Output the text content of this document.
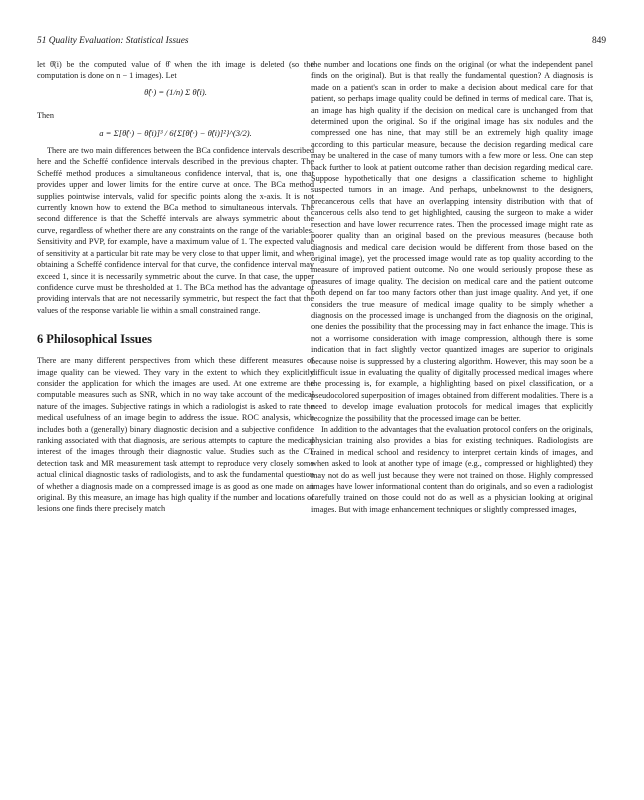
51 Quality Evaluation: Statistical Issues	849

let θ̂(i) be the computed value of θ̂ when the ith image is deleted (so the computation is done on n − 1 images). Let

θ̂(·) = (1/n) Σ θ̂(i).

Then

a = Σ[θ̂(·) − θ̂(i)]³ / 6{Σ[θ̂(·) − θ̂(i)]²}^(3/2).

There are two main differences between the BCa confidence intervals described here and the Scheffé confidence intervals described in the previous chapter. The Scheffé method produces a simultaneous confidence interval, that is, one that provides upper and lower limits for the entire curve at once. The BCa method supplies pointwise intervals, valid for specific points along the x-axis. It is not currently known how to extend the BCa method to simultaneous intervals. The second difference is that the Scheffé intervals are always symmetric about the curve, regardless of whether there are any constraints on the range of the variables. Sensitivity and PVP, for example, have a maximum value of 1. The expected value of sensitivity at a particular bit rate may be very close to that upper limit, and when obtaining a Scheffé confidence interval for that curve, the confidence interval may exceed 1, since it is necessarily symmetric about the curve. In that case, the upper confidence curve must be thresholded at 1. The BCa method has the advantage of providing intervals that are not necessarily symmetric, but respect the fact that the values of the response variable lie within a small constrained range.

6 Philosophical Issues

There are many different perspectives from which these different measures of image quality can be viewed. They vary in the extent to which they explicitly consider the application for which the images are used. At one extreme are the computable measures such as SNR, which in no way take account of the medical nature of the images. Subjective ratings in which a radiologist is asked to rate the medical usefulness of an image begin to address the issue. ROC analysis, which includes both a (generally) binary diagnostic decision and a subjective confidence ranking associated with that diagnosis, are serious attempts to capture the medical interest of the images through their diagnostic value. Studies such as the CT detection task and MR measurement task attempt to reproduce very closely some actual clinical diagnostic tasks of radiologists, and to ask the fundamental question of whether a diagnosis made on a compressed image is as good as one made on an original. By this measure, an image has high quality if the number and locations of lesions one finds there precisely match

the number and locations one finds on the original (or what the independent panel finds on the original). But is that really the fundamental question? A diagnosis is made on a patient's scan in order to make a decision about medical care for that patient, so perhaps image quality could be defined in terms of medical care. That is, an image has high quality if the decision on medical care is unchanged from that determined upon the original. So if the original image has six nodules and the compressed one has nine, that may still be an extremely high quality image according to this particular measure, because the decision regarding medical care may be unaltered in the case of many tumors with a few more or less. One can step back further to look at patient outcome rather than decision regarding medical care. Suppose hypothetically that one designs a classification scheme to highlight suspected tumors in an image. And perhaps, unbeknownst to the designers, precancerous cells that have an overlapping intensity distribution with that of cancerous cells also tend to get highlighted, causing the surgeon to make a wider resection and have lower recurrence rates. Then the processed image might rate as poorer quality than an original based on the previous measures (because both diagnosis and medical care decision would be different from those based on the original image), yet the processed image would rate as top quality according to the measure of improved patient outcome. No one would seriously propose these as measures of image quality. The decision on medical care and the patient outcome both depend on far too many factors other than just image quality. And yet, if one considers the true measure of medical image quality to be simply whether a diagnosis on the processed image is unchanged from the diagnosis on the original, one denies the possibility that the processing may in fact enhance the image. This is not a worrisome consideration with image compression, although there is some indication that in fact slightly vector quantized images are superior to originals because noise is suppressed by a clustering algorithm. However, this may soon be a difficult issue in evaluating the quality of digitally processed medical images where the processing is, for example, a highlighting based on pixel classification, or a pseudocolored superposition of images obtained from different modalities. There is a need to develop image evaluation protocols for medical images that explicitly recognize the possibility that the processed image can be better.

In addition to the advantages that the evaluation protocol confers on the originals, physician training also provides a bias for existing techniques. Radiologists are trained in medical school and residency to interpret certain kinds of images, and when asked to look at another type of image (e.g., compressed or highlighted) they may not do as well just because they were not trained on those. Highly compressed images have lower informational content than do originals, and so even a radiologist carefully trained on those could not do as well as a physician looking at original images. But with image enhancement techniques or slightly compressed images,
